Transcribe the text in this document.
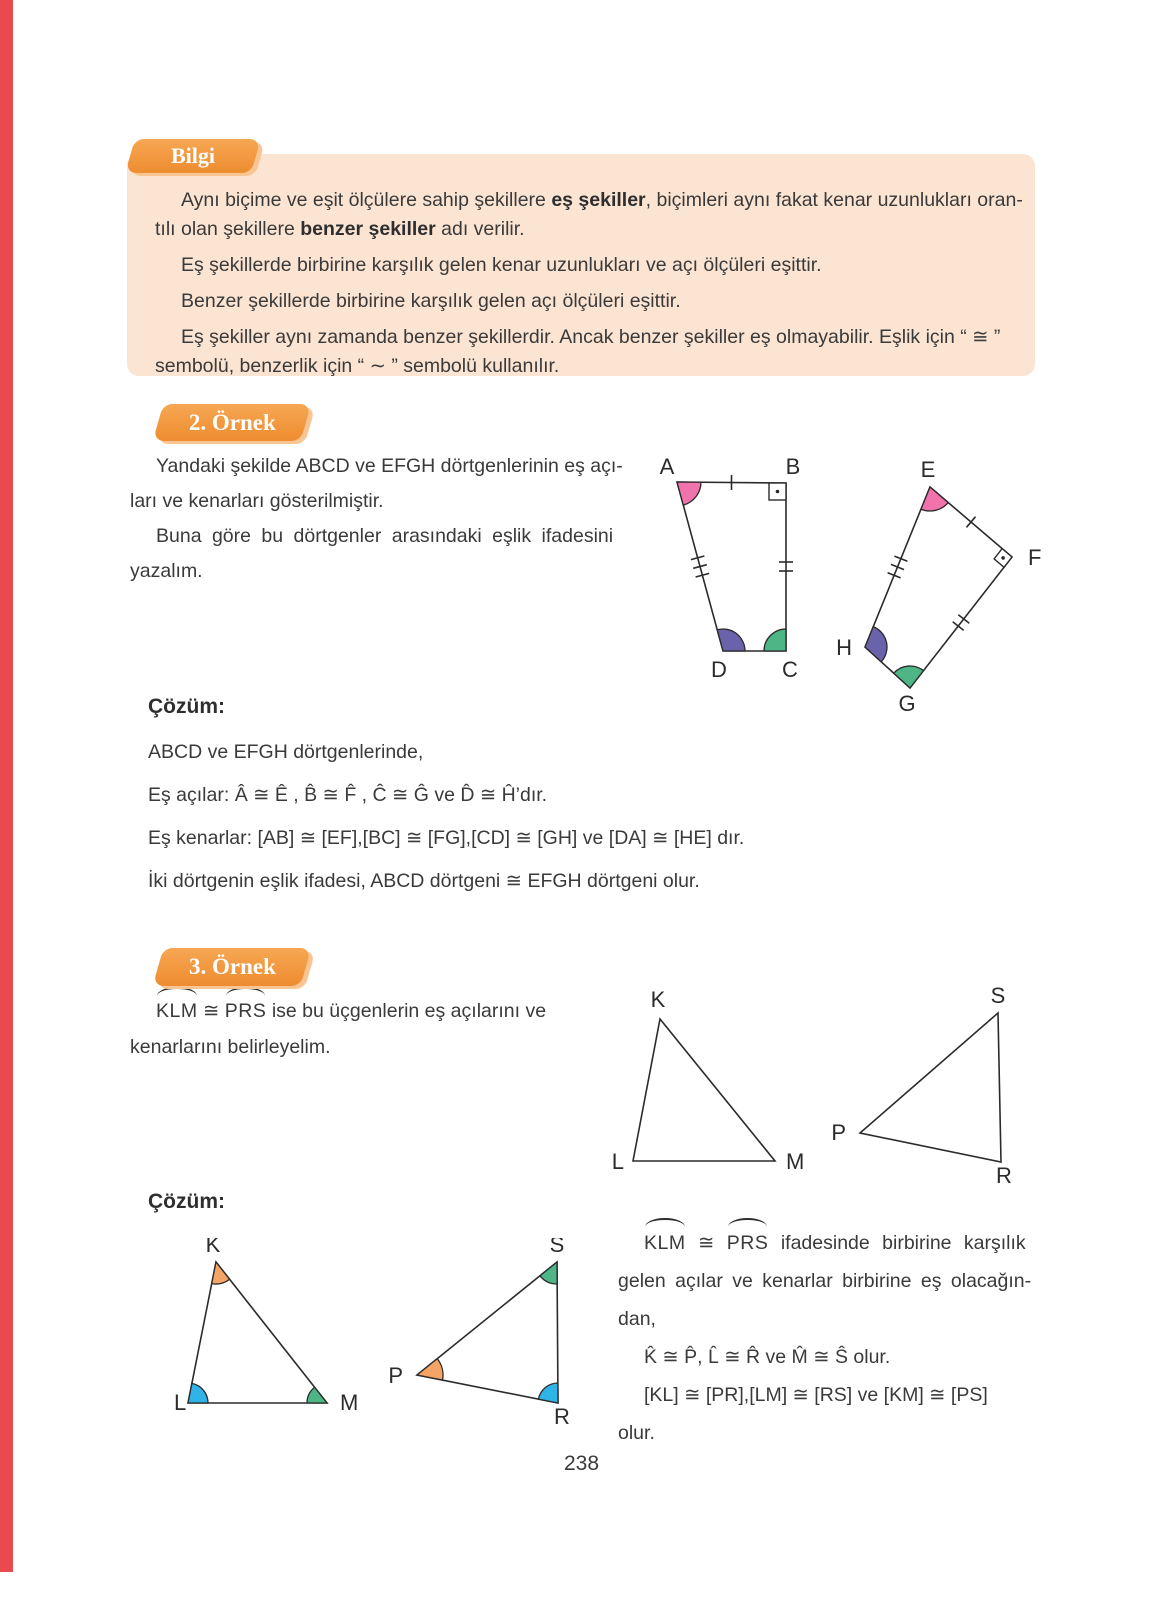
Bilgi
Aynı biçime ve eşit ölçülere sahip şekillere eş şekiller, biçimleri aynı fakat kenar uzunlukları oran-
tılı olan şekillere benzer şekiller adı verilir.
Eş şekillerde birbirine karşılık gelen kenar uzunlukları ve açı ölçüleri eşittir.
Benzer şekillerde birbirine karşılık gelen açı ölçüleri eşittir.
Eş şekiller aynı zamanda benzer şekillerdir. Ancak benzer şekiller eş olmayabilir. Eşlik için “ ≅ ”
sembolü, benzerlik için “ ∼ ” sembolü kullanılır.
2. Örnek
Yandaki şekilde ABCD ve EFGH dörtgenlerinin eş açı-
ları ve kenarları gösterilmiştir.
Buna göre bu dörtgenler arasındaki eşlik ifadesini
yazalım.
A	B
C
D
E
F
G
H
Çözüm:
ABCD ve EFGH dörtgenlerinde,
Eş açılar: Â ≅ Ê , B̂ ≅ F̂ , Ĉ ≅ Ĝ ve D̂ ≅ Ĥ’dır.
Eş kenarlar: [AB] ≅ [EF],[BC] ≅ [FG],[CD] ≅ [GH] ve [DA] ≅ [HE] dır.
İki dörtgenin eşlik ifadesi, ABCD dörtgeni ≅ EFGH dörtgeni olur.
3. Örnek
KLM ≅ PRS ise bu üçgenlerin eş açılarını ve
kenarlarını belirleyelim.
K
L	M
S
P
R
Çözüm:
K
L	M
P
S
R
KLM ≅ PRS ifadesinde birbirine karşılık
gelen açılar ve kenarlar birbirine eş olacağın-
dan,
K̂ ≅ P̂, L̂ ≅ R̂ ve M̂ ≅ Ŝ olur.
[KL] ≅ [PR],[LM] ≅ [RS] ve [KM] ≅ [PS]
olur.
238
